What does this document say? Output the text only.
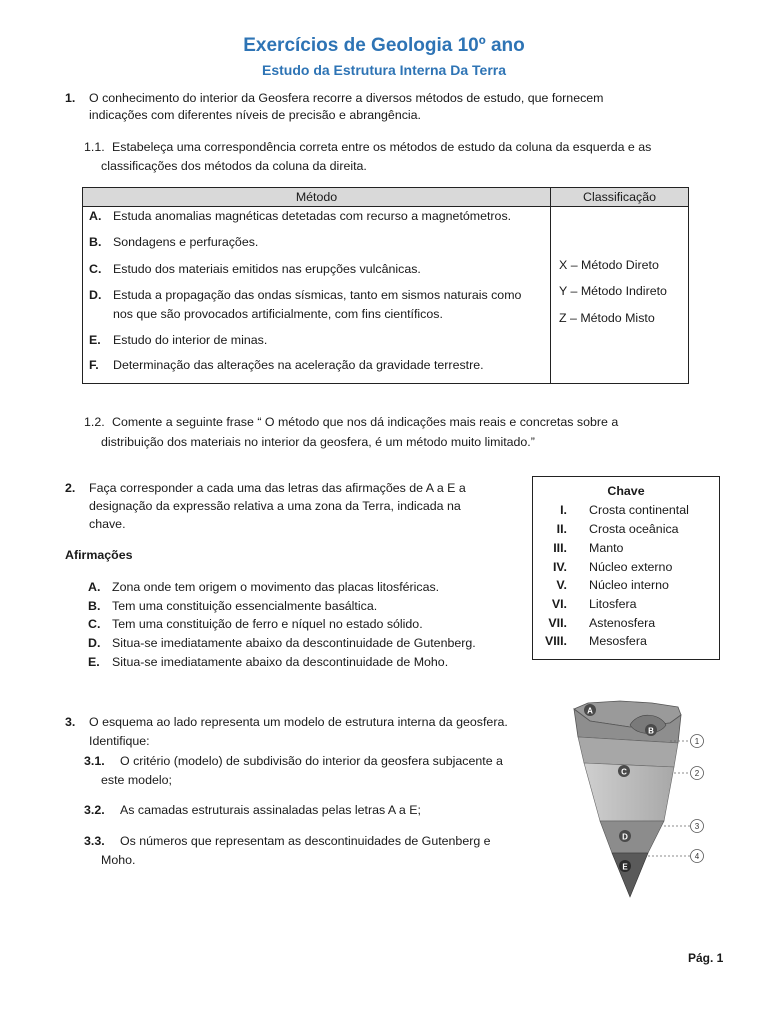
Exercícios de Geologia 10º ano
Estudo da Estrutura Interna Da Terra
1. O conhecimento do interior da Geosfera recorre a diversos métodos de estudo, que fornecem
indicações com diferentes níveis de precisão e abrangência.
1.1. Estabeleça uma correspondência correta entre os métodos de estudo da coluna da esquerda e as
classificações dos métodos da coluna da direita.
Método	Classificação
A. Estuda anomalias magnéticas detetadas com recurso a magnetómetros.
B. Sondagens e perfurações.
C. Estudo dos materiais emitidos nas erupções vulcânicas.
D. Estuda a propagação das ondas sísmicas, tanto em sismos naturais como
nos que são provocados artificialmente, com fins científicos.
E. Estudo do interior de minas.
F. Determinação das alterações na aceleração da gravidade terrestre.
X – Método Direto
Y – Método Indireto
Z – Método Misto
1.2. Comente a seguinte frase “ O método que nos dá indicações mais reais e concretas sobre a
distribuição dos materiais no interior da geosfera, é um método muito limitado.”
2. Faça corresponder a cada uma das letras das afirmações de A a E a
designação da expressão relativa a uma zona da Terra, indicada na
chave.
Afirmações
A. Zona onde tem origem o movimento das placas litosféricas.
B. Tem uma constituição essencialmente basáltica.
C. Tem uma constituição de ferro e níquel no estado sólido.
D. Situa-se imediatamente abaixo da descontinuidade de Gutenberg.
E. Situa-se imediatamente abaixo da descontinuidade de Moho.
Chave
I. Crosta continental
II. Crosta oceânica
III. Manto
IV. Núcleo externo
V. Núcleo interno
VI. Litosfera
VII. Astenosfera
VIII. Mesosfera
3. O esquema ao lado representa um modelo de estrutura interna da geosfera.
Identifique:
3.1. O critério (modelo) de subdivisão do interior da geosfera subjacente a
este modelo;
3.2. As camadas estruturais assinaladas pelas letras A a E;
3.3. Os números que representam as descontinuidades de Gutenberg e
Moho.
A
B
C
D
E
1
2
3
4
Pág. 1
